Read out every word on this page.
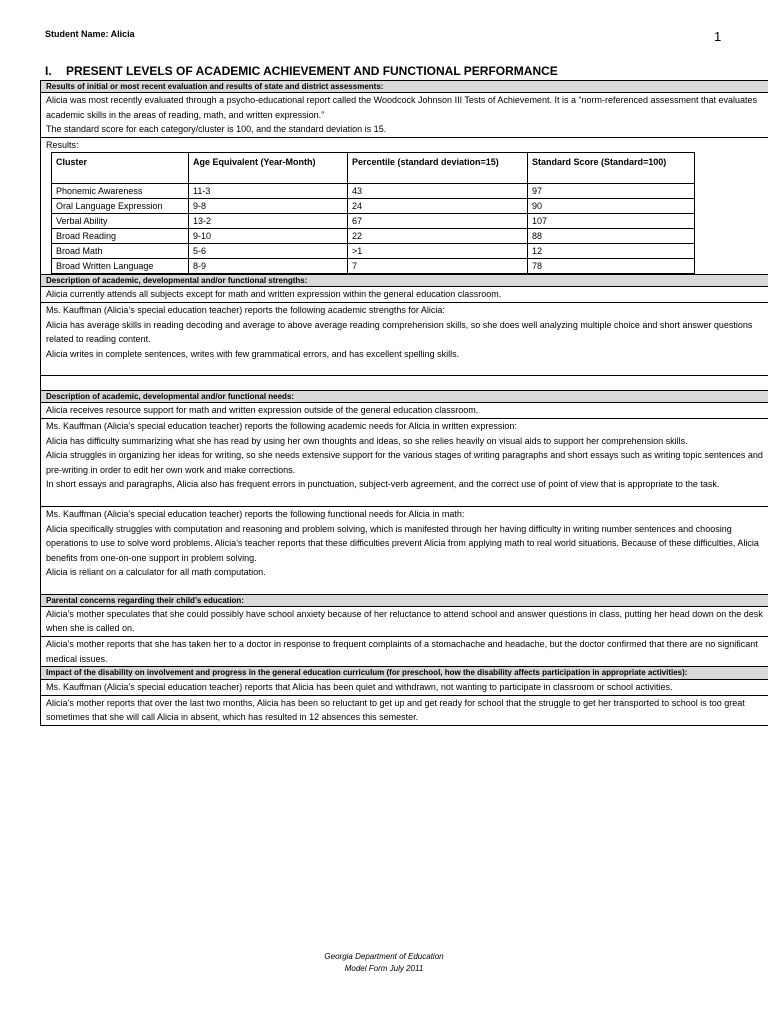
Student Name: Alicia	1
I. PRESENT LEVELS OF ACADEMIC ACHIEVEMENT AND FUNCTIONAL PERFORMANCE
Results of initial or most recent evaluation and results of state and district assessments:

Alicia was most recently evaluated through a psycho-educational report called the Woodcock Johnson III Tests of Achievement. It is a “norm-referenced assessment that evaluates academic skills in the areas of reading, math, and written expression.”

The standard score for each category/cluster is 100, and the standard deviation is 15.

Results:

Cluster	Age Equivalent (Year-Month)	Percentile (standard deviation=15)	Standard Score (Standard=100)
Phonemic Awareness	11-3	43	97
Oral Language Expression	9-8	24	90
Verbal Ability	13-2	67	107
Broad Reading	9-10	22	88
Broad Math	5-6	>1	12
Broad Written Language	8-9	7	78
Description of academic, developmental and/or functional strengths:
Alicia currently attends all subjects except for math and written expression within the general education classroom.

Ms. Kauffman (Alicia’s special education teacher) reports the following academic strengths for Alicia:

Alicia has average skills in reading decoding and average to above average reading comprehension skills, so she does well analyzing multiple choice and short answer questions related to reading content.

Alicia writes in complete sentences, writes with few grammatical errors, and has excellent spelling skills.

Description of academic, developmental and/or functional needs:
Alicia receives resource support for math and written expression outside of the general education classroom.

Ms. Kauffman (Alicia’s special education teacher) reports the following academic needs for Alicia in written expression:

Alicia has difficulty summarizing what she has read by using her own thoughts and ideas, so she relies heavily on visual aids to support her comprehension skills.

Alicia struggles in organizing her ideas for writing, so she needs extensive support for the various stages of writing paragraphs and short essays such as writing topic sentences and pre-writing in order to edit her own work and make corrections.

In short essays and paragraphs, Alicia also has frequent errors in punctuation, subject-verb agreement, and the correct use of point of view that is appropriate to the task.

Ms. Kauffman (Alicia’s special education teacher) reports the following functional needs for Alicia in math:

Alicia specifically struggles with computation and reasoning and problem solving, which is manifested through her having difficulty in writing number sentences and choosing operations to use to solve word problems. Alicia’s teacher reports that these difficulties prevent Alicia from applying math to real world situations. Because of these difficulties, Alicia benefits from one-on-one support in problem solving.

Alicia is reliant on a calculator for all math computation.

Parental concerns regarding their child’s education:
Alicia’s mother speculates that she could possibly have school anxiety because of her reluctance to attend school and answer questions in class, putting her head down on the desk when she is called on.
Alicia’s mother reports that she has taken her to a doctor in response to frequent complaints of a stomachache and headache, but the doctor confirmed that there are no significant medical issues.
Impact of the disability on involvement and progress in the general education curriculum (for preschool, how the disability affects participation in appropriate activities):
Ms. Kauffman (Alicia’s special education teacher) reports that Alicia has been quiet and withdrawn, not wanting to participate in classroom or school activities.
Alicia’s mother reports that over the last two months, Alicia has been so reluctant to get up and get ready for school that the struggle to get her transported to school is too great sometimes that she will call Alicia in absent, which has resulted in 12 absences this semester.
Georgia Department of Education
Model Form July 2011
